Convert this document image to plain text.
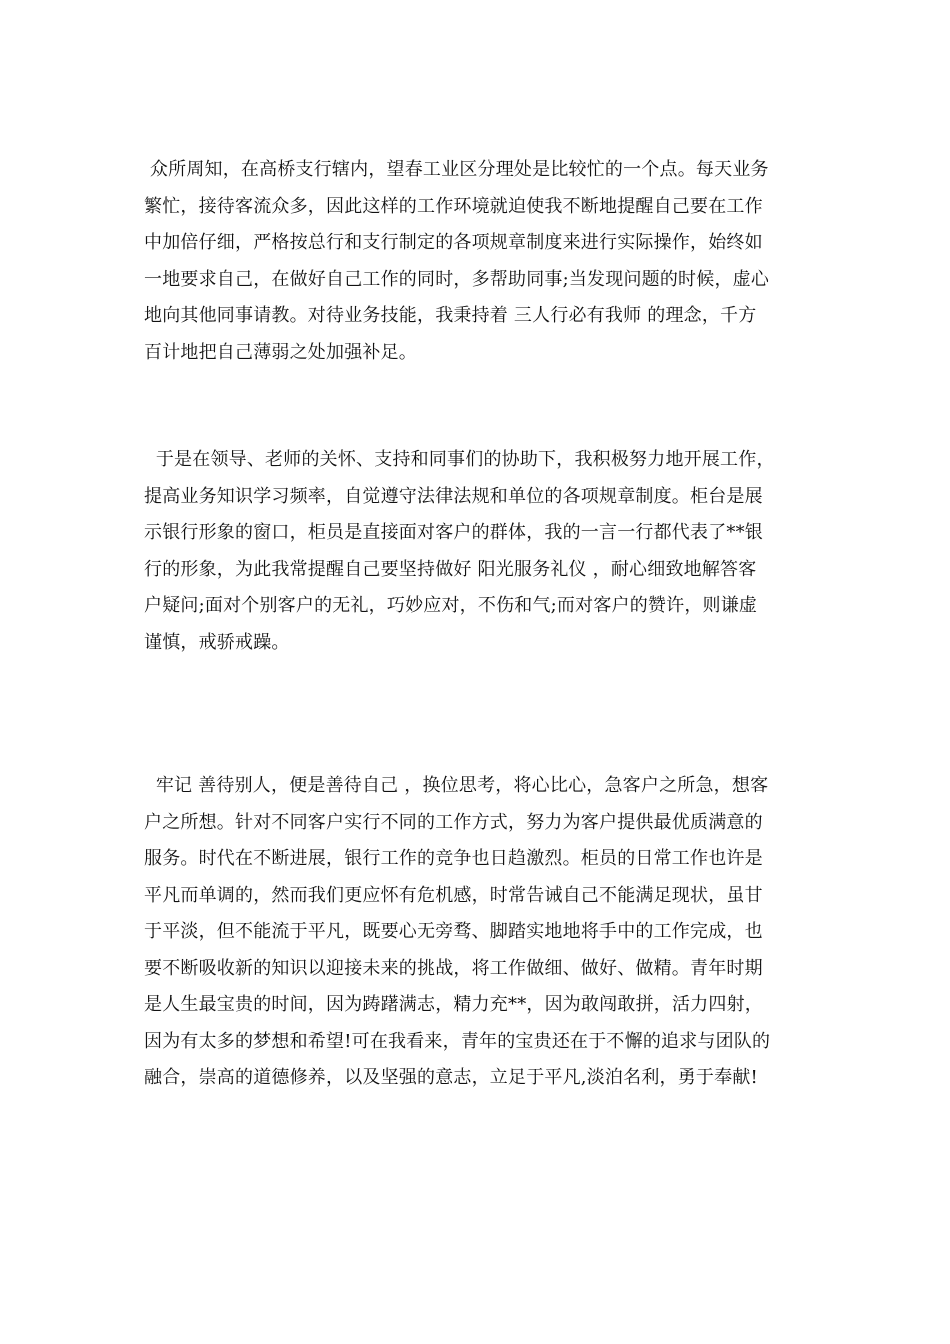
众所周知，在高桥支行辖内，望春工业区分理处是比较忙的一个点。每天业务
繁忙，接待客流众多，因此这样的工作环境就迫使我不断地提醒自己要在工作
中加倍仔细，严格按总行和支行制定的各项规章制度来进行实际操作，始终如
一地要求自己，在做好自己工作的同时，多帮助同事;当发现问题的时候，虚心
地向其他同事请教。对待业务技能，我秉持着 三人行必有我师 的理念，千方
百计地把自己薄弱之处加强补足。
于是在领导、老师的关怀、支持和同事们的协助下，我积极努力地开展工作，
提高业务知识学习频率，自觉遵守法律法规和单位的各项规章制度。柜台是展
示银行形象的窗口，柜员是直接面对客户的群体，我的一言一行都代表了**银
行的形象，为此我常提醒自己要坚持做好 阳光服务礼仪 ，耐心细致地解答客
户疑问;面对个别客户的无礼，巧妙应对，不伤和气;而对客户的赞许，则谦虚
谨慎，戒骄戒躁。
牢记 善待别人，便是善待自己 ，换位思考，将心比心，急客户之所急，想客
户之所想。针对不同客户实行不同的工作方式，努力为客户提供最优质满意的
服务。时代在不断进展，银行工作的竞争也日趋激烈。柜员的日常工作也许是
平凡而单调的，然而我们更应怀有危机感，时常告诫自己不能满足现状，虽甘
于平淡，但不能流于平凡，既要心无旁骛、脚踏实地地将手中的工作完成，也
要不断吸收新的知识以迎接未来的挑战，将工作做细、做好、做精。青年时期
是人生最宝贵的时间，因为踌躇满志，精力充**，因为敢闯敢拼，活力四射，
因为有太多的梦想和希望!可在我看来，青年的宝贵还在于不懈的追求与团队的
融合，崇高的道德修养，以及坚强的意志，立足于平凡,淡泊名利，勇于奉献!
